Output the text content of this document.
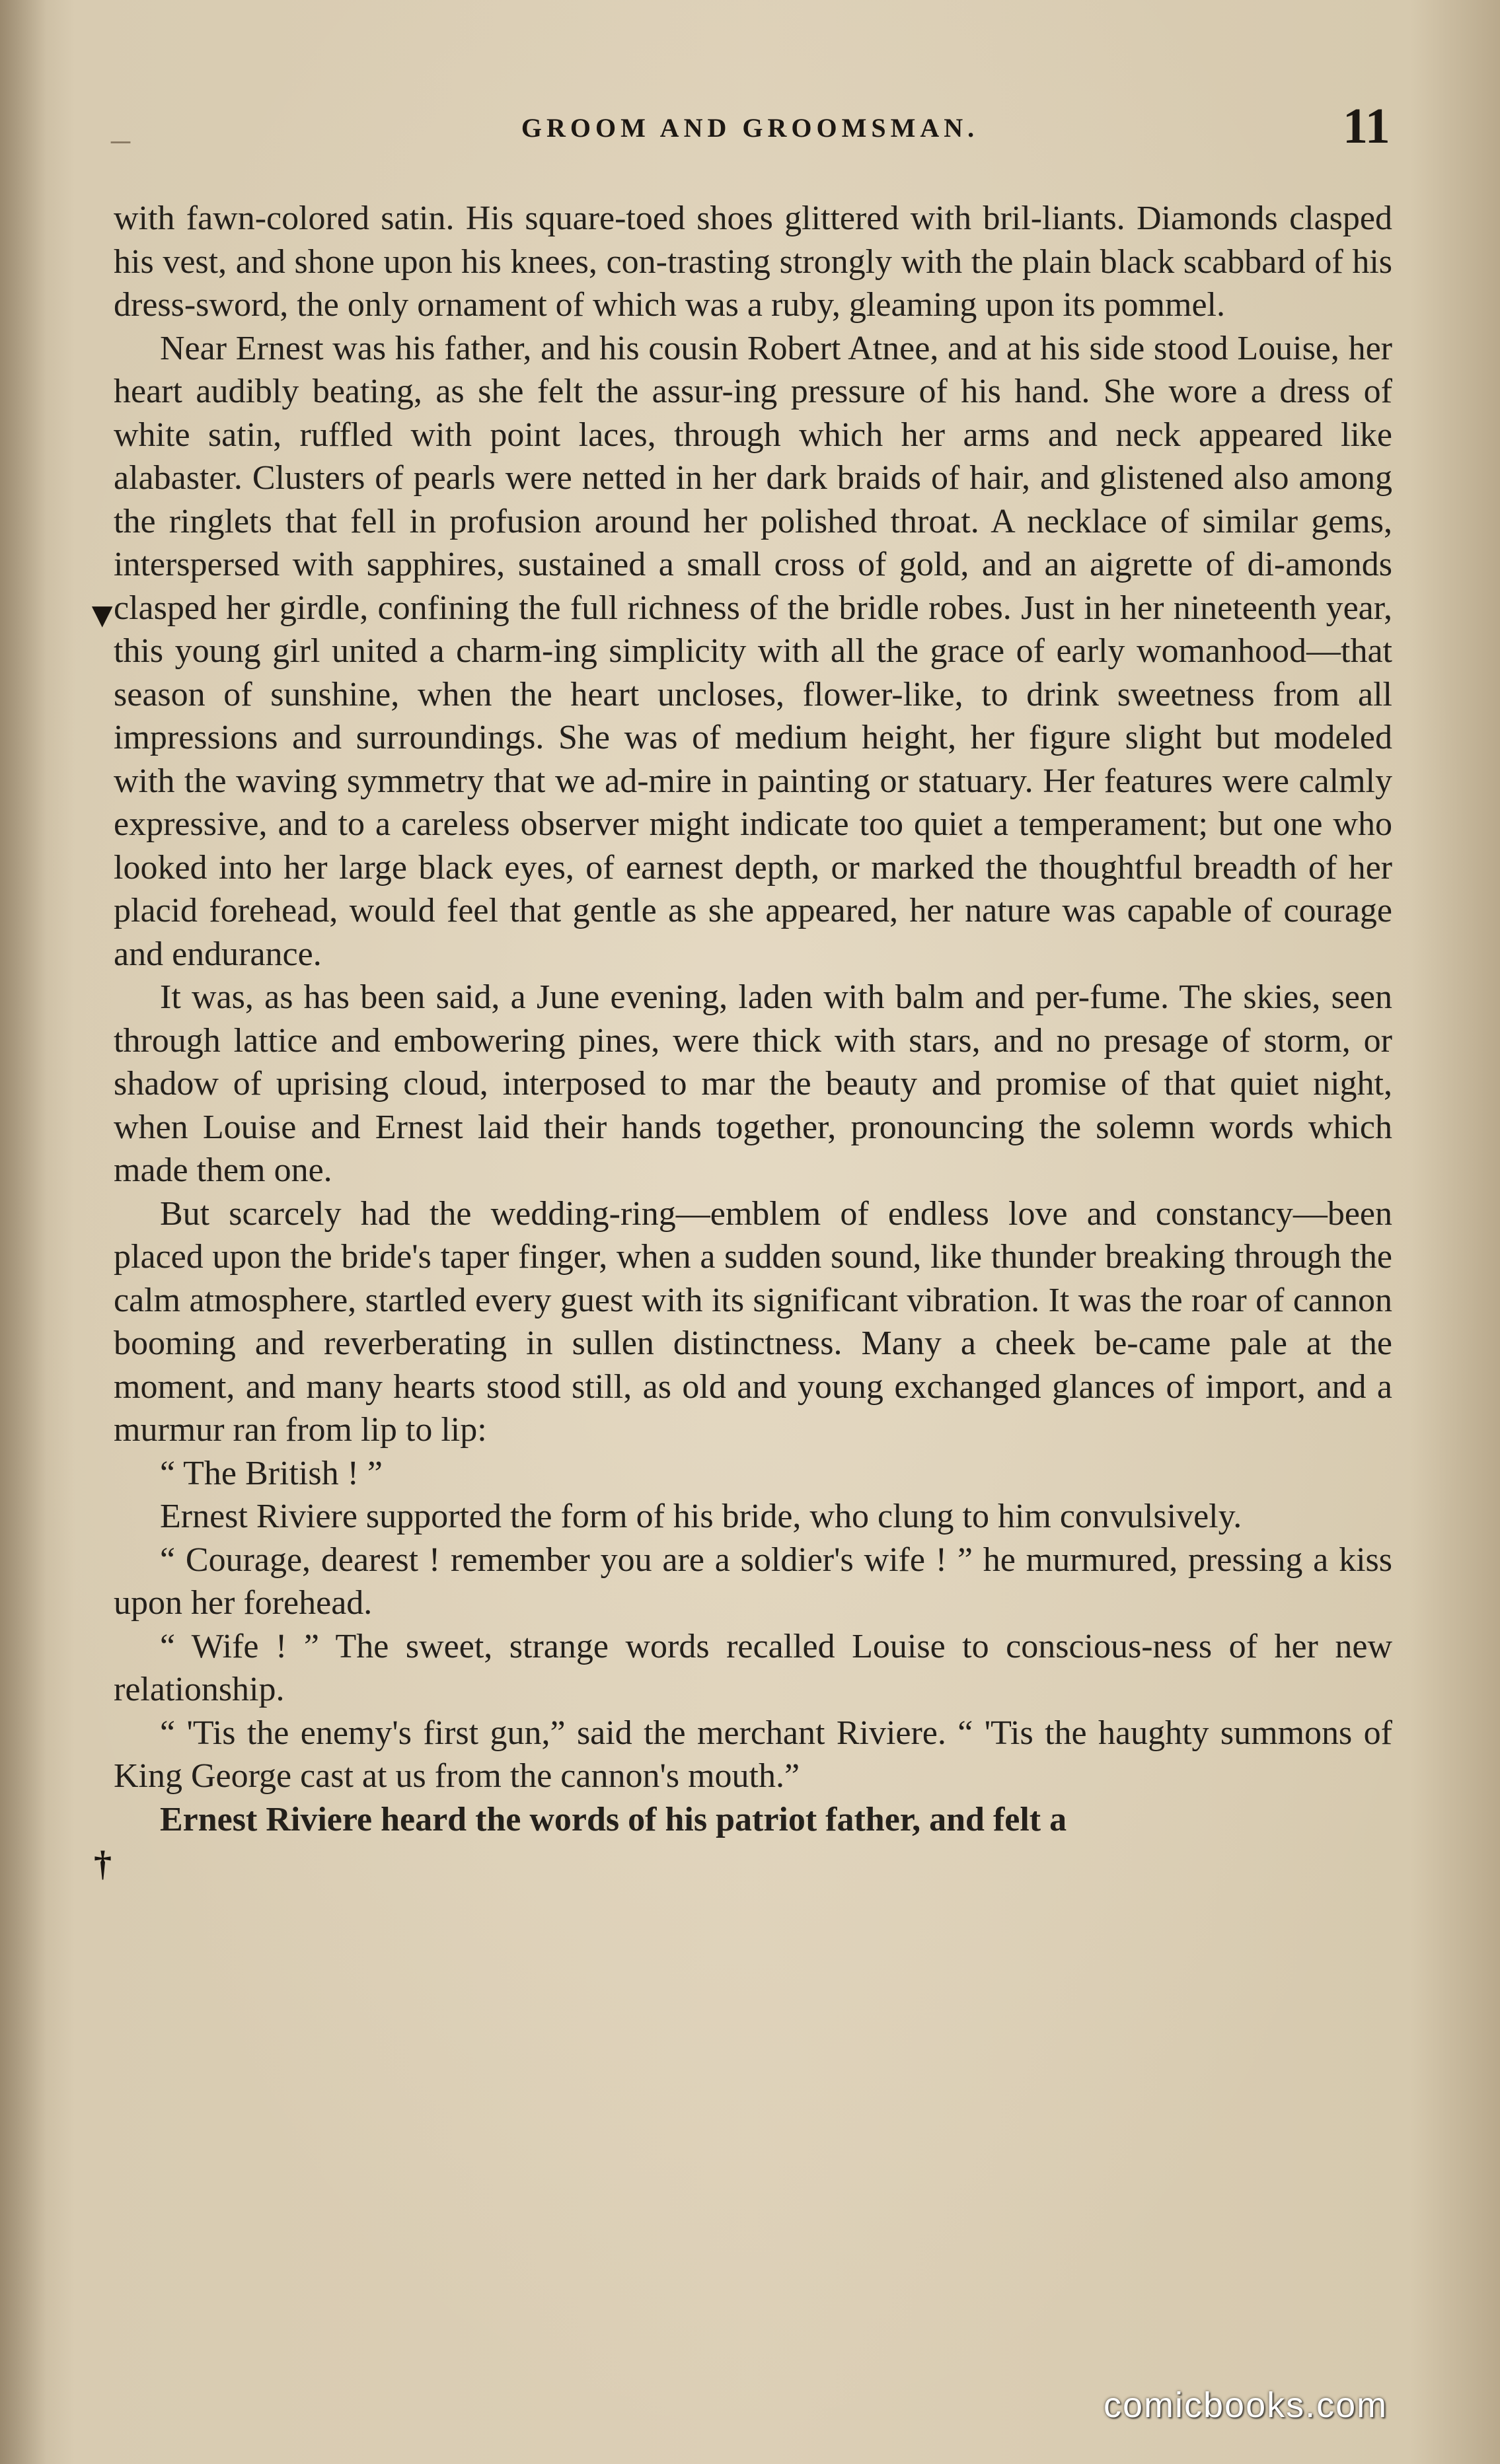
–	GROOM AND GROOMSMAN.	11

with fawn-colored satin. His square-toed shoes glittered with bril-liants. Diamonds clasped his vest, and shone upon his knees, con-trasting strongly with the plain black scabbard of his dress-sword, the only ornament of which was a ruby, gleaming upon its pommel.

Near Ernest was his father, and his cousin Robert Atnee, and at his side stood Louise, her heart audibly beating, as she felt the assur-ing pressure of his hand. She wore a dress of white satin, ruffled with point laces, through which her arms and neck appeared like alabaster. Clusters of pearls were netted in her dark braids of hair, and glistened also among the ringlets that fell in profusion around her polished throat. A necklace of similar gems, interspersed with sapphires, sustained a small cross of gold, and an aigrette of di-amonds clasped her girdle, confining the full richness of the bridle robes. Just in her nineteenth year, this young girl united a charm-ing simplicity with all the grace of early womanhood—that season of sunshine, when the heart uncloses, flower-like, to drink sweetness from all impressions and surroundings. She was of medium height, her figure slight but modeled with the waving symmetry that we ad-mire in painting or statuary. Her features were calmly expressive, and to a careless observer might indicate too quiet a temperament; but one who looked into her large black eyes, of earnest depth, or marked the thoughtful breadth of her placid forehead, would feel that gentle as she appeared, her nature was capable of courage and endurance.

It was, as has been said, a June evening, laden with balm and per-fume. The skies, seen through lattice and embowering pines, were thick with stars, and no presage of storm, or shadow of uprising cloud, interposed to mar the beauty and promise of that quiet night, when Louise and Ernest laid their hands together, pronouncing the solemn words which made them one.

But scarcely had the wedding-ring—emblem of endless love and constancy—been placed upon the bride's taper finger, when a sudden sound, like thunder breaking through the calm atmosphere, startled every guest with its significant vibration. It was the roar of cannon booming and reverberating in sullen distinctness. Many a cheek be-came pale at the moment, and many hearts stood still, as old and young exchanged glances of import, and a murmur ran from lip to lip:

“ The British ! ”

Ernest Riviere supported the form of his bride, who clung to him convulsively.

“ Courage, dearest ! remember you are a soldier's wife ! ” he murmured, pressing a kiss upon her forehead.

“ Wife ! ” The sweet, strange words recalled Louise to conscious-ness of her new relationship.

“ 'Tis the enemy's first gun,” said the merchant Riviere. “ 'Tis the haughty summons of King George cast at us from the cannon's mouth.”

Ernest Riviere heard the words of his patriot father, and felt a

▼
†
comicbooks.com
